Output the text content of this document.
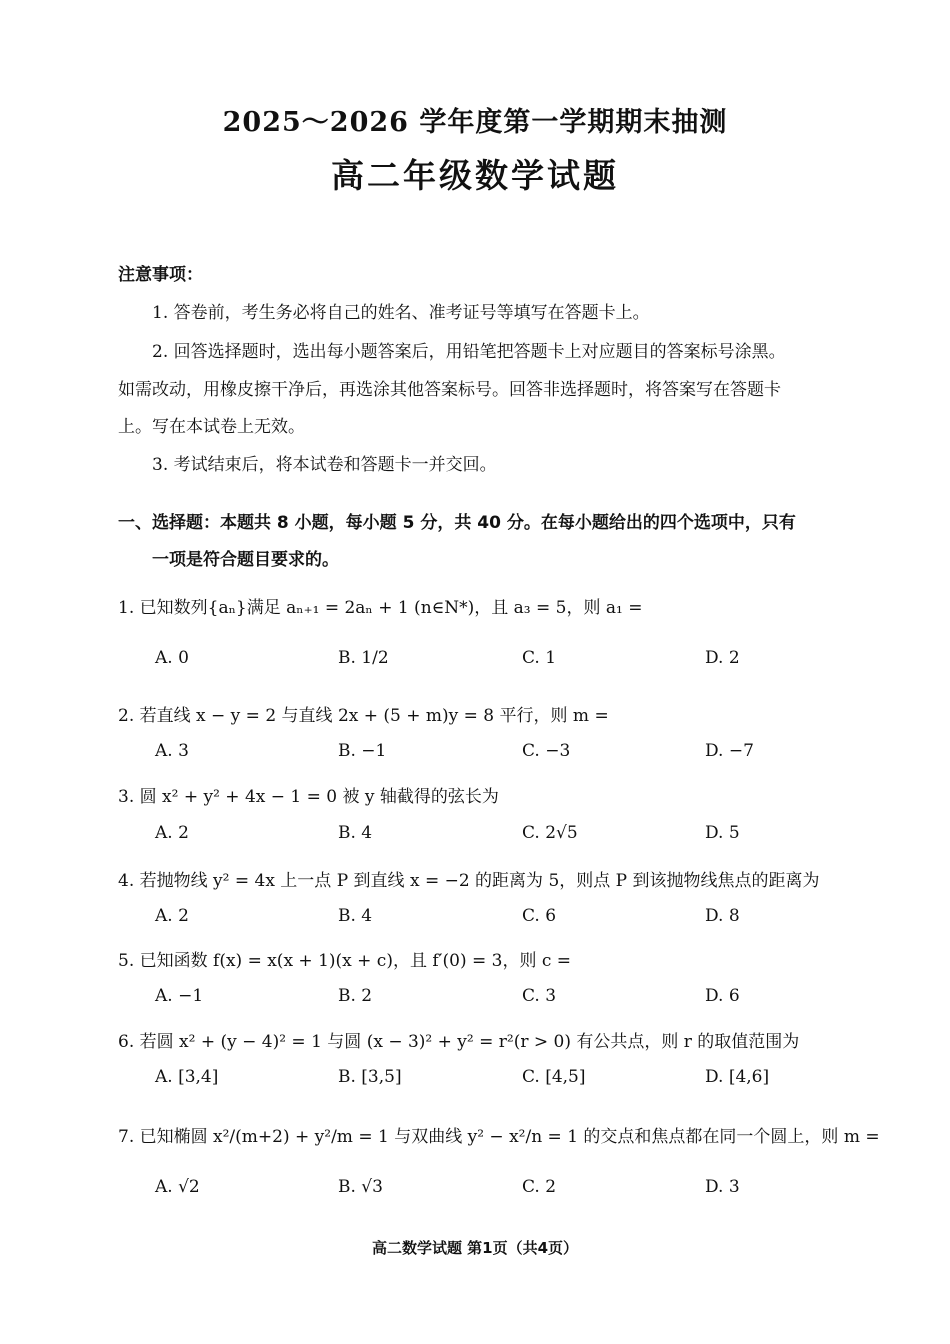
2025～2026 学年度第一学期期末抽测
高二年级数学试题
注意事项：
1. 答卷前，考生务必将自己的姓名、准考证号等填写在答题卡上。
2. 回答选择题时，选出每小题答案后，用铅笔把答题卡上对应题目的答案标号涂黑。
如需改动，用橡皮擦干净后，再选涂其他答案标号。回答非选择题时，将答案写在答题卡
上。写在本试卷上无效。
3. 考试结束后，将本试卷和答题卡一并交回。
一、选择题：本题共 8 小题，每小题 5 分，共 40 分。在每小题给出的四个选项中，只有
一项是符合题目要求的。
1. 已知数列{aₙ}满足 aₙ₊₁ = 2aₙ + 1 (n∈N*)，且 a₃ = 5，则 a₁ =
A. 0	B. 1/2	C. 1	D. 2
2. 若直线 x − y = 2 与直线 2x + (5 + m)y = 8 平行，则 m =
A. 3	B. −1	C. −3	D. −7
3. 圆 x² + y² + 4x − 1 = 0 被 y 轴截得的弦长为
A. 2	B. 4	C. 2√5	D. 5
4. 若抛物线 y² = 4x 上一点 P 到直线 x = −2 的距离为 5，则点 P 到该抛物线焦点的距离为
A. 2	B. 4	C. 6	D. 8
5. 已知函数 f(x) = x(x + 1)(x + c)，且 f′(0) = 3，则 c =
A. −1	B. 2	C. 3	D. 6
6. 若圆 x² + (y − 4)² = 1 与圆 (x − 3)² + y² = r²(r > 0) 有公共点，则 r 的取值范围为
A. [3,4]	B. [3,5]	C. [4,5]	D. [4,6]
7. 已知椭圆 x²/(m+2) + y²/m = 1 与双曲线 y² − x²/n = 1 的交点和焦点都在同一个圆上，则 m =
A. √2	B. √3	C. 2	D. 3
高二数学试题 第1页（共4页）
